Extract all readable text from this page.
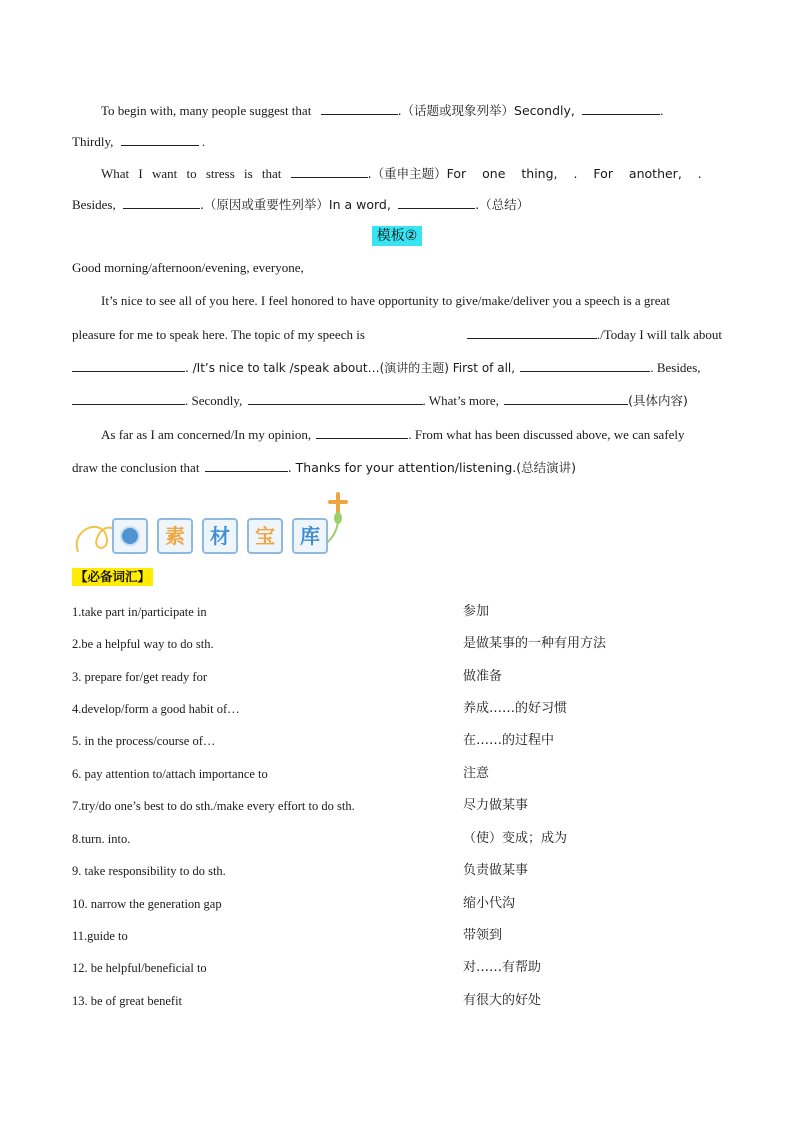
To begin with, many people suggest that	.（话题或现象列举）Secondly,	.
Thirdly,	.
What I want to stress is that	.（重申主题）For one thing, . For another, .
Besides,	.（原因或重要性列举）In a word,	.（总结）
模板②
Good morning/afternoon/evening, everyone,
It’s nice to see all of you here. I feel honored to have opportunity to give/make/deliver you a speech is a great
pleasure for me to speak here. The topic of my speech is	./Today I will talk about
. /It’s nice to talk /speak about…(演讲的主题) First of all,	. Besides,
. Secondly,	. What’s more,	(具体内容)
As far as I am concerned/In my opinion,	. From what has been discussed above, we can safely
draw the conclusion that	. Thanks for your attention/listening.(总结演讲)
素	材	宝	库
【必备词汇】
1.take part in/participate in	参加
2.be a helpful way to do sth.	是做某事的一种有用方法
3. prepare for/get ready for	做准备
4.develop/form a good habit of…	养成……的好习惯
5. in the process/course of…	在……的过程中
6. pay attention to/attach importance to	注意
7.try/do one’s best to do sth./make every effort to do sth.	尽力做某事
8.turn. into.	（使）变成；成为
9. take responsibility to do sth.	负责做某事
10. narrow the generation gap	缩小代沟
11.guide to	带领到
12. be helpful/beneficial to	对……有帮助
13. be of great benefit	有很大的好处
